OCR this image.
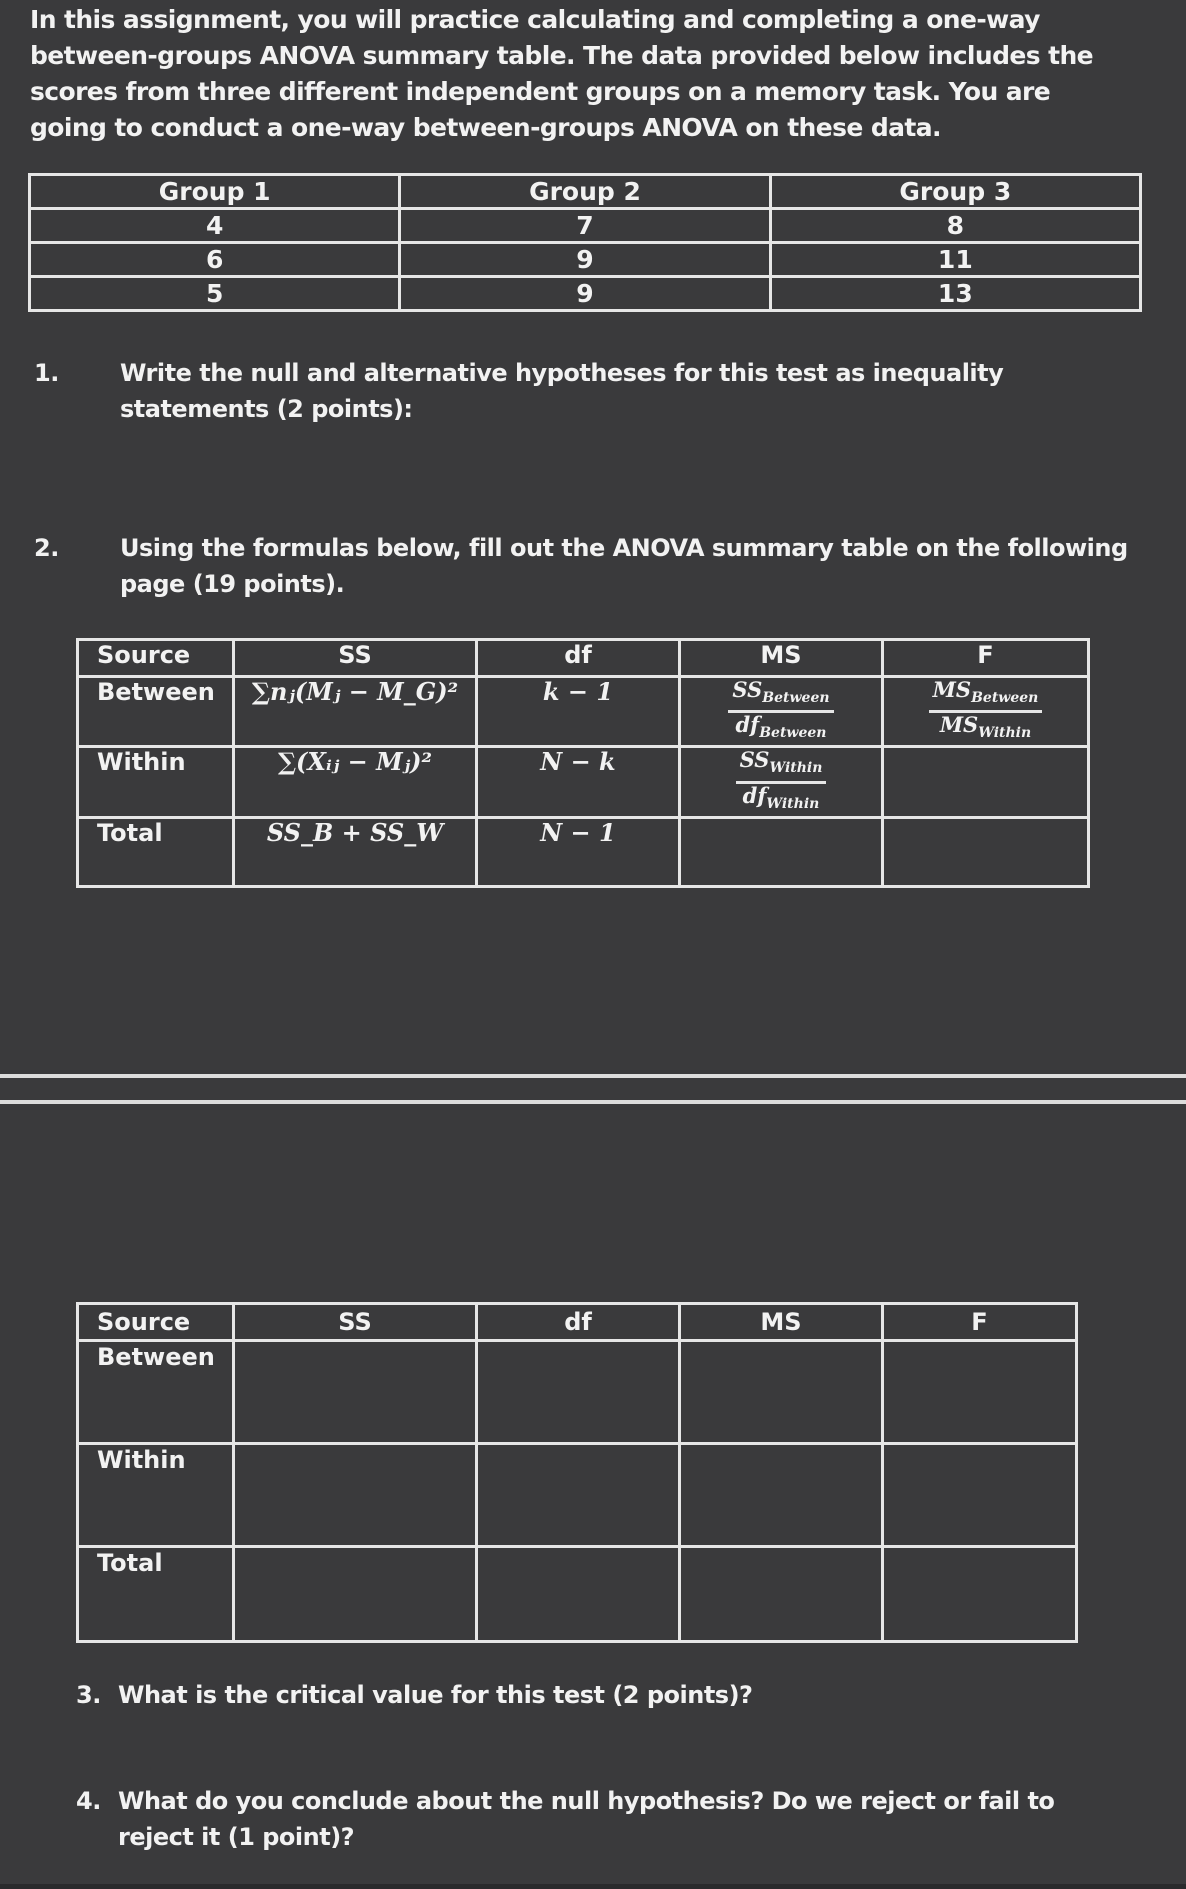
In this assignment, you will practice calculating and completing a one-way between-groups ANOVA summary table. The data provided below includes the scores from three different independent groups on a memory task. You are going to conduct a one-way between-groups ANOVA on these data.

Group 1	Group 2	Group 3
4	7	8
6	9	11
5	9	13
1.	Write the null and alternative hypotheses for this test as inequality statements (2 points):
2.	Using the formulas below, fill out the ANOVA summary table on the following page (19 points).
Source	SS	df	MS	F
Between	∑nⱼ(Mⱼ − M_G)²	k − 1	$\frac{SS_{Between}}{df_{Between}}$	$\frac{MS_{Between}}{MS_{Within}}$

Within	∑(Xᵢⱼ − Mⱼ)²	N − k	$\frac{SS_{Within}}{df_{Within}}$

Total	SS_B + SS_W	N − 1		
Source	SS	df	MS	F
Between				
Within				
Total				
3. What is the critical value for this test (2 points)?
4. What do you conclude about the null hypothesis? Do we reject or fail to reject it (1 point)?
